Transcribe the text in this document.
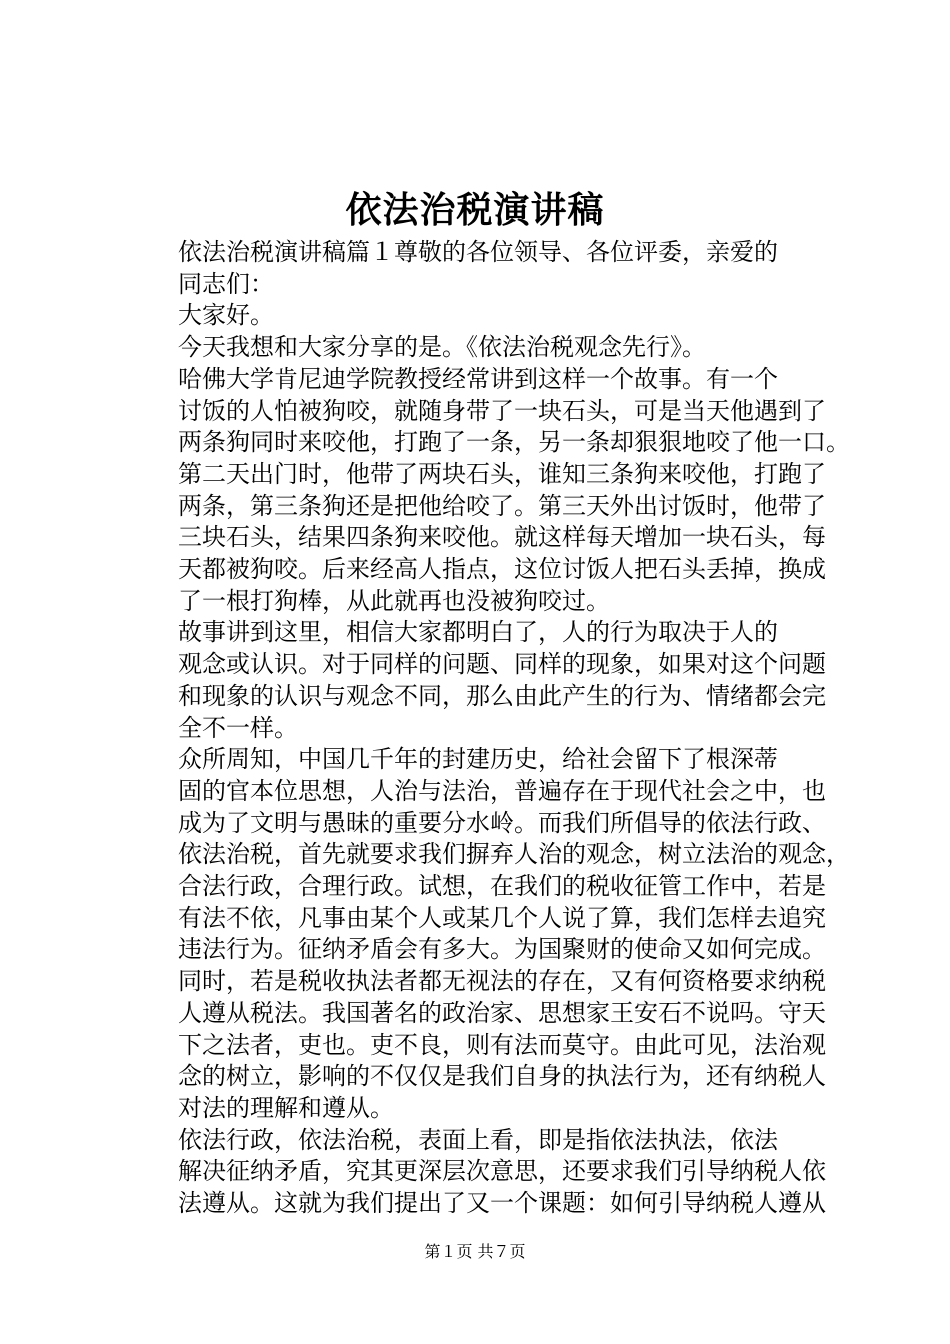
依法治税演讲稿

依法治税演讲稿篇１尊敬的各位领导、各位评委，亲爱的
同志们：

大家好。

今天我想和大家分享的是。《依法治税观念先行》。

哈佛大学肯尼迪学院教授经常讲到这样一个故事。有一个
讨饭的人怕被狗咬，就随身带了一块石头，可是当天他遇到了
两条狗同时来咬他，打跑了一条，另一条却狠狠地咬了他一口。
第二天出门时，他带了两块石头，谁知三条狗来咬他，打跑了
两条，第三条狗还是把他给咬了。第三天外出讨饭时，他带了
三块石头，结果四条狗来咬他。就这样每天增加一块石头，每
天都被狗咬。后来经高人指点，这位讨饭人把石头丢掉，换成
了一根打狗棒，从此就再也没被狗咬过。

故事讲到这里，相信大家都明白了，人的行为取决于人的
观念或认识。对于同样的问题、同样的现象，如果对这个问题
和现象的认识与观念不同，那么由此产生的行为、情绪都会完
全不一样。

众所周知，中国几千年的封建历史，给社会留下了根深蒂
固的官本位思想，人治与法治，普遍存在于现代社会之中，也
成为了文明与愚昧的重要分水岭。而我们所倡导的依法行政、
依法治税，首先就要求我们摒弃人治的观念，树立法治的观念，
合法行政，合理行政。试想，在我们的税收征管工作中，若是
有法不依，凡事由某个人或某几个人说了算，我们怎样去追究
违法行为。征纳矛盾会有多大。为国聚财的使命又如何完成。
同时，若是税收执法者都无视法的存在，又有何资格要求纳税
人遵从税法。我国著名的政治家、思想家王安石不说吗。守天
下之法者，吏也。吏不良，则有法而莫守。由此可见，法治观
念的树立，影响的不仅仅是我们自身的执法行为，还有纳税人
对法的理解和遵从。

依法行政，依法治税，表面上看，即是指依法执法，依法
解决征纳矛盾，究其更深层次意思，还要求我们引导纳税人依
法遵从。这就为我们提出了又一个课题：如何引导纳税人遵从

第１页 共７页
